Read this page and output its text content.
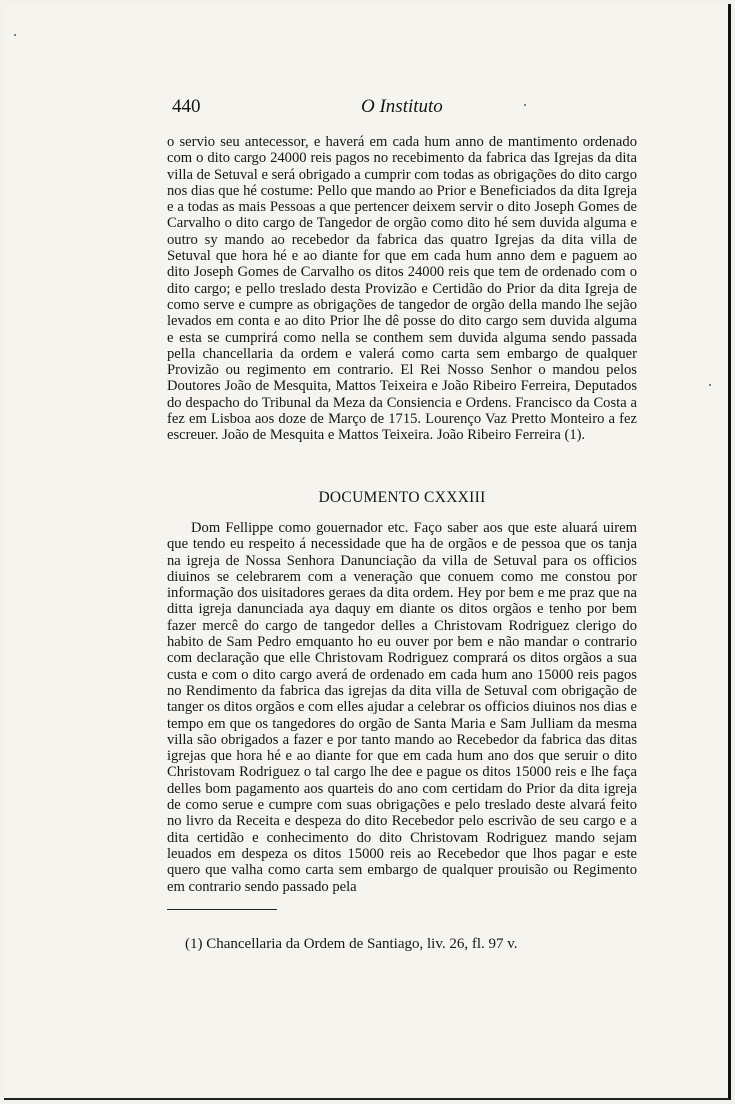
440	O Instituto

o servio seu antecessor, e haverá em cada hum anno de mantimento ordenado com o dito cargo 24000 reis pagos no recebimento da fabrica das Igrejas da dita villa de Setuval e será obrigado a cumprir com todas as obrigações do dito cargo nos dias que hé costume: Pello que mando ao Prior e Beneficiados da dita Igreja e a todas as mais Pessoas a que pertencer deixem servir o dito Joseph Gomes de Carvalho o dito cargo de Tangedor de orgão como dito hé sem duvida alguma e outro sy mando ao recebedor da fabrica das quatro Igrejas da dita villa de Setuval que hora hé e ao diante for que em cada hum anno dem e paguem ao dito Joseph Gomes de Carvalho os ditos 24000 reis que tem de ordenado com o dito cargo; e pello treslado desta Provizão e Certidão do Prior da dita Igreja de como serve e cumpre as obrigações de tangedor de orgão della mando lhe sejão levados em conta e ao dito Prior lhe dê posse do dito cargo sem duvida alguma e esta se cumprirá como nella se conthem sem duvida alguma sendo passada pella chancellaria da ordem e valerá como carta sem embargo de qualquer Provizão ou regimento em contrario. El Rei Nosso Senhor o mandou pelos Doutores João de Mesquita, Mattos Teixeira e João Ribeiro Ferreira, Deputados do despacho do Tribunal da Meza da Consiencia e Ordens. Francisco da Costa a fez em Lisboa aos doze de Março de 1715. Lourenço Vaz Pretto Monteiro a fez escreuer. João de Mesquita e Mattos Teixeira. João Ribeiro Ferreira (1).

DOCUMENTO CXXXIII

Dom Fellippe como gouernador etc. Faço saber aos que este aluará uirem que tendo eu respeito á necessidade que ha de orgãos e de pessoa que os tanja na igreja de Nossa Senhora Danunciação da villa de Setuval para os officios diuinos se celebrarem com a veneração que conuem como me constou por informação dos uisitadores geraes da dita ordem. Hey por bem e me praz que na ditta igreja danunciada aya daquy em diante os ditos orgãos e tenho por bem fazer mercê do cargo de tangedor delles a Christovam Rodriguez clerigo do habito de Sam Pedro emquanto ho eu ouver por bem e não mandar o contrario com declaração que elle Christovam Rodriguez comprará os ditos orgãos a sua custa e com o dito cargo averá de ordenado em cada hum ano 15000 reis pagos no Rendimento da fabrica das igrejas da dita villa de Setuval com obrigação de tanger os ditos orgãos e com elles ajudar a celebrar os officios diuinos nos dias e tempo em que os tangedores do orgão de Santa Maria e Sam Julliam da mesma villa são obrigados a fazer e por tanto mando ao Recebedor da fabrica das ditas igrejas que hora hé e ao diante for que em cada hum ano dos que seruir o dito Christovam Rodriguez o tal cargo lhe dee e pague os ditos 15000 reis e lhe faça delles bom pagamento aos quarteis do ano com certidam do Prior da dita igreja de como serue e cumpre com suas obrigações e pelo treslado deste alvará feito no livro da Receita e despeza do dito Recebedor pelo escrivão de seu cargo e a dita certidão e conhecimento do dito Christovam Rodriguez mando sejam leuados em despeza os ditos 15000 reis ao Recebedor que lhos pagar e este quero que valha como carta sem embargo de qualquer prouisão ou Regimento em contrario sendo passado pela

(1) Chancellaria da Ordem de Santiago, liv. 26, fl. 97 v.
